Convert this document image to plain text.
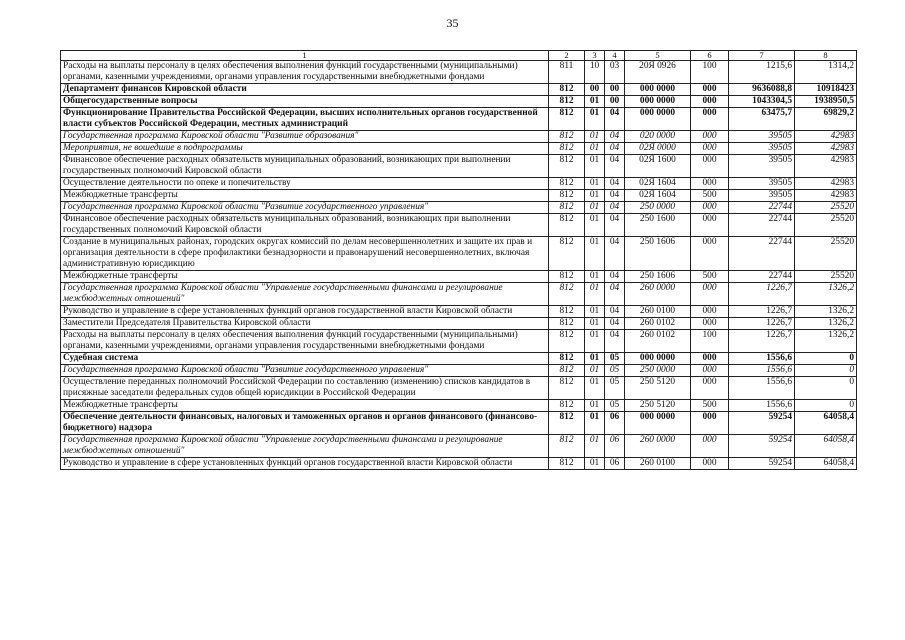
35
1	2	3	4	5	6	7	8
Расходы на выплаты персоналу в целях обеспечения выполнения функций государственными (муниципальными) органами, казенными учреждениями, органами управления государственными внебюджетными фондами	811	10	03	20Я 0926	100	1215,6	1314,2
Департамент финансов Кировской области	812	00	00	000 0000	000	9636088,8	10918423
Общегосударственные вопросы	812	01	00	000 0000	000	1043304,5	1938950,5
Функционирование Правительства Российской Федерации, высших исполнительных органов государственной власти субъектов Российской Федерации, местных администраций	812	01	04	000 0000	000	63475,7	69829,2
Государственная программа Кировской области "Развитие образования"	812	01	04	020 0000	000	39505	42983
Мероприятия, не вошедшие в подпрограммы	812	01	04	02Я 0000	000	39505	42983
Финансовое обеспечение расходных обязательств муниципальных образований, возникающих при выполнении государственных полномочий Кировской области	812	01	04	02Я 1600	000	39505	42983
Осуществление деятельности по опеке и попечительству	812	01	04	02Я 1604	000	39505	42983
Межбюджетные трансферты	812	01	04	02Я 1604	500	39505	42983
Государственная программа Кировской области "Развитие государственного управления"	812	01	04	250 0000	000	22744	25520
Финансовое обеспечение расходных обязательств муниципальных образований, возникающих при выполнении государственных полномочий Кировской области	812	01	04	250 1600	000	22744	25520
Создание в муниципальных районах, городских округах комиссий по делам несовершеннолетних и защите их прав и организация деятельности в сфере профилактики безнадзорности и правонарушений несовершеннолетних, включая административную юрисдикцию	812	01	04	250 1606	000	22744	25520
Межбюджетные трансферты	812	01	04	250 1606	500	22744	25520
Государственная программа Кировской области "Управление государственными финансами и регулирование межбюджетных отношений"	812	01	04	260 0000	000	1226,7	1326,2
Руководство и управление в сфере установленных функций органов государственной власти Кировской области	812	01	04	260 0100	000	1226,7	1326,2
Заместители Председателя Правительства Кировской области	812	01	04	260 0102	000	1226,7	1326,2
Расходы на выплаты персоналу в целях обеспечения выполнения функций государственными (муниципальными) органами, казенными учреждениями, органами управления государственными внебюджетными фондами	812	01	04	260 0102	100	1226,7	1326,2
Судебная система	812	01	05	000 0000	000	1556,6	0
Государственная программа Кировской области "Развитие государственного управления"	812	01	05	250 0000	000	1556,6	0
Осуществление переданных полномочий Российской Федерации по составлению (изменению) списков кандидатов в присяжные заседатели федеральных судов общей юрисдикции в Российской Федерации	812	01	05	250 5120	000	1556,6	0
Межбюджетные трансферты	812	01	05	250 5120	500	1556,6	0
Обеспечение деятельности финансовых, налоговых и таможенных органов и органов финансового (финансово-бюджетного) надзора	812	01	06	000 0000	000	59254	64058,4
Государственная программа Кировской области "Управление государственными финансами и регулирование межбюджетных отношений"	812	01	06	260 0000	000	59254	64058,4
Руководство и управление в сфере установленных функций органов государственной власти Кировской области	812	01	06	260 0100	000	59254	64058,4
